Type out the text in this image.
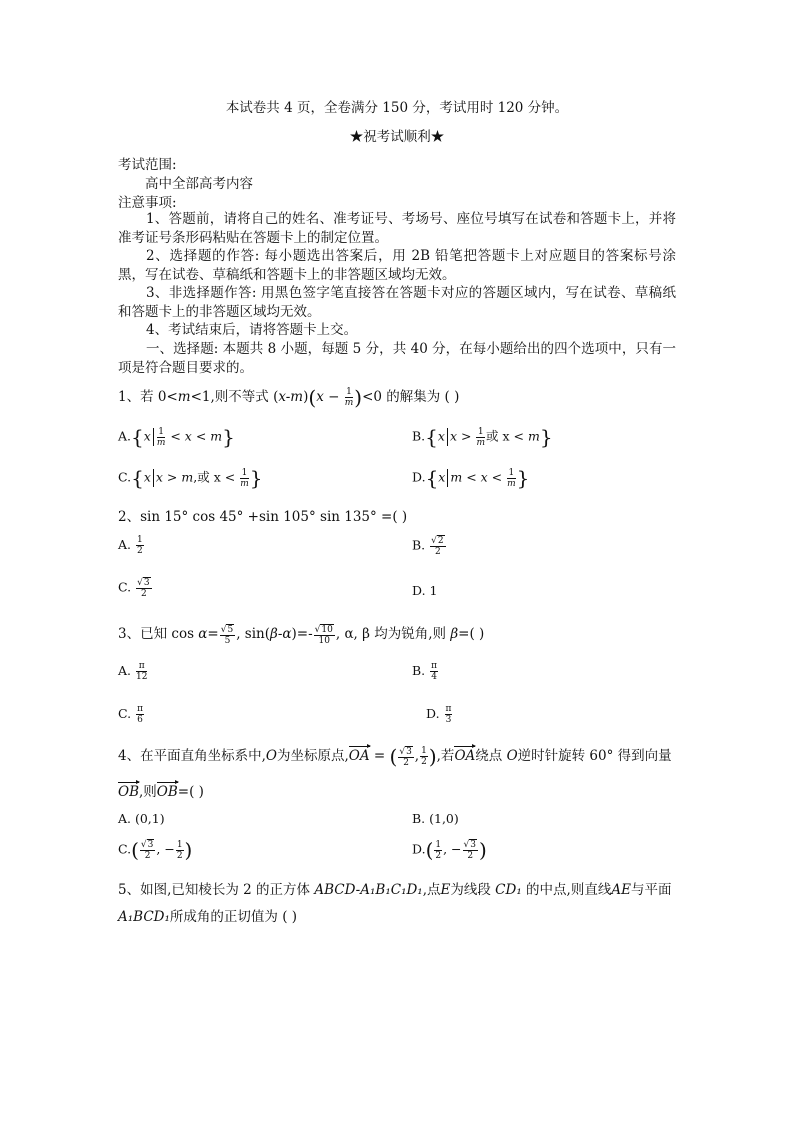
本试卷共 4 页，全卷满分 150 分，考试用时 120 分钟。
★祝考试顺利★
考试范围:
高中全部高考内容
注意事项:
1、答题前，请将自己的姓名、准考证号、考场号、座位号填写在试卷和答题卡上，并将准考证号条形码粘贴在答题卡上的制定位置。
2、选择题的作答: 每小题选出答案后，用 2B 铅笔把答题卡上对应题目的答案标号涂黑，写在试卷、草稿纸和答题卡上的非答题区域均无效。
3、非选择题作答: 用黑色签字笔直接答在答题卡对应的答题区域内，写在试卷、草稿纸和答题卡上的非答题区域均无效。
4、考试结束后，请将答题卡上交。
一、选择题: 本题共 8 小题，每题 5 分，共 40 分，在每小题给出的四个选项中，只有一项是符合题目要求的。
1、若 0<m<1,则不等式 $(x-m)(x - \frac{1}{m} )<0$ 的解集为 ( )
$A.\{x \frac{1}{m} < x < m\}$	B.{x $x > \frac{1}{m}$ 或 x < m}
C.{x x > m,或 $x < \frac{1}{m}$ }	D.{x $m < x < \frac{1}{m}$ }
2、sin 15° cos 45° +sin 105° sin 135° =( )
A. $\frac{1}{2}$	B. $\frac{√2}{2}$
C. $\frac{√3}{2}$	D. 1
3、已知 $\cos \alpha= \frac{√5}{5}$ , $\sin(\beta-\alpha)=- \frac{√10}{10}$ , α, β 均为锐角,则 β=( )
A. $\frac{\pi}{12}$	B. $\frac{\pi}{4}$
C. $\frac{\pi}{6}$	D. $\frac{\pi}{3}$
4、在平面直角坐标系中,O为坐标原点,OA = ( $\frac{√3}{2}$ , $\frac{1}{2}$ ),若OA绕点 O逆时针旋转 60° 得到向量
OB,则OB=( )
A. (0,1)	B. (1,0)
$C.( \frac{√3}{2}$ , − $\frac{1}{2}$ )	$D.( \frac{1}{2}$ , − $\frac{√3}{2}$ )
5、如图,已知棱长为 2 的正方体 ABCD-A₁B₁C₁D₁,点E为线段 CD₁ 的中点,则直线AE与平面
A₁BCD₁所成角的正切值为 ( )
